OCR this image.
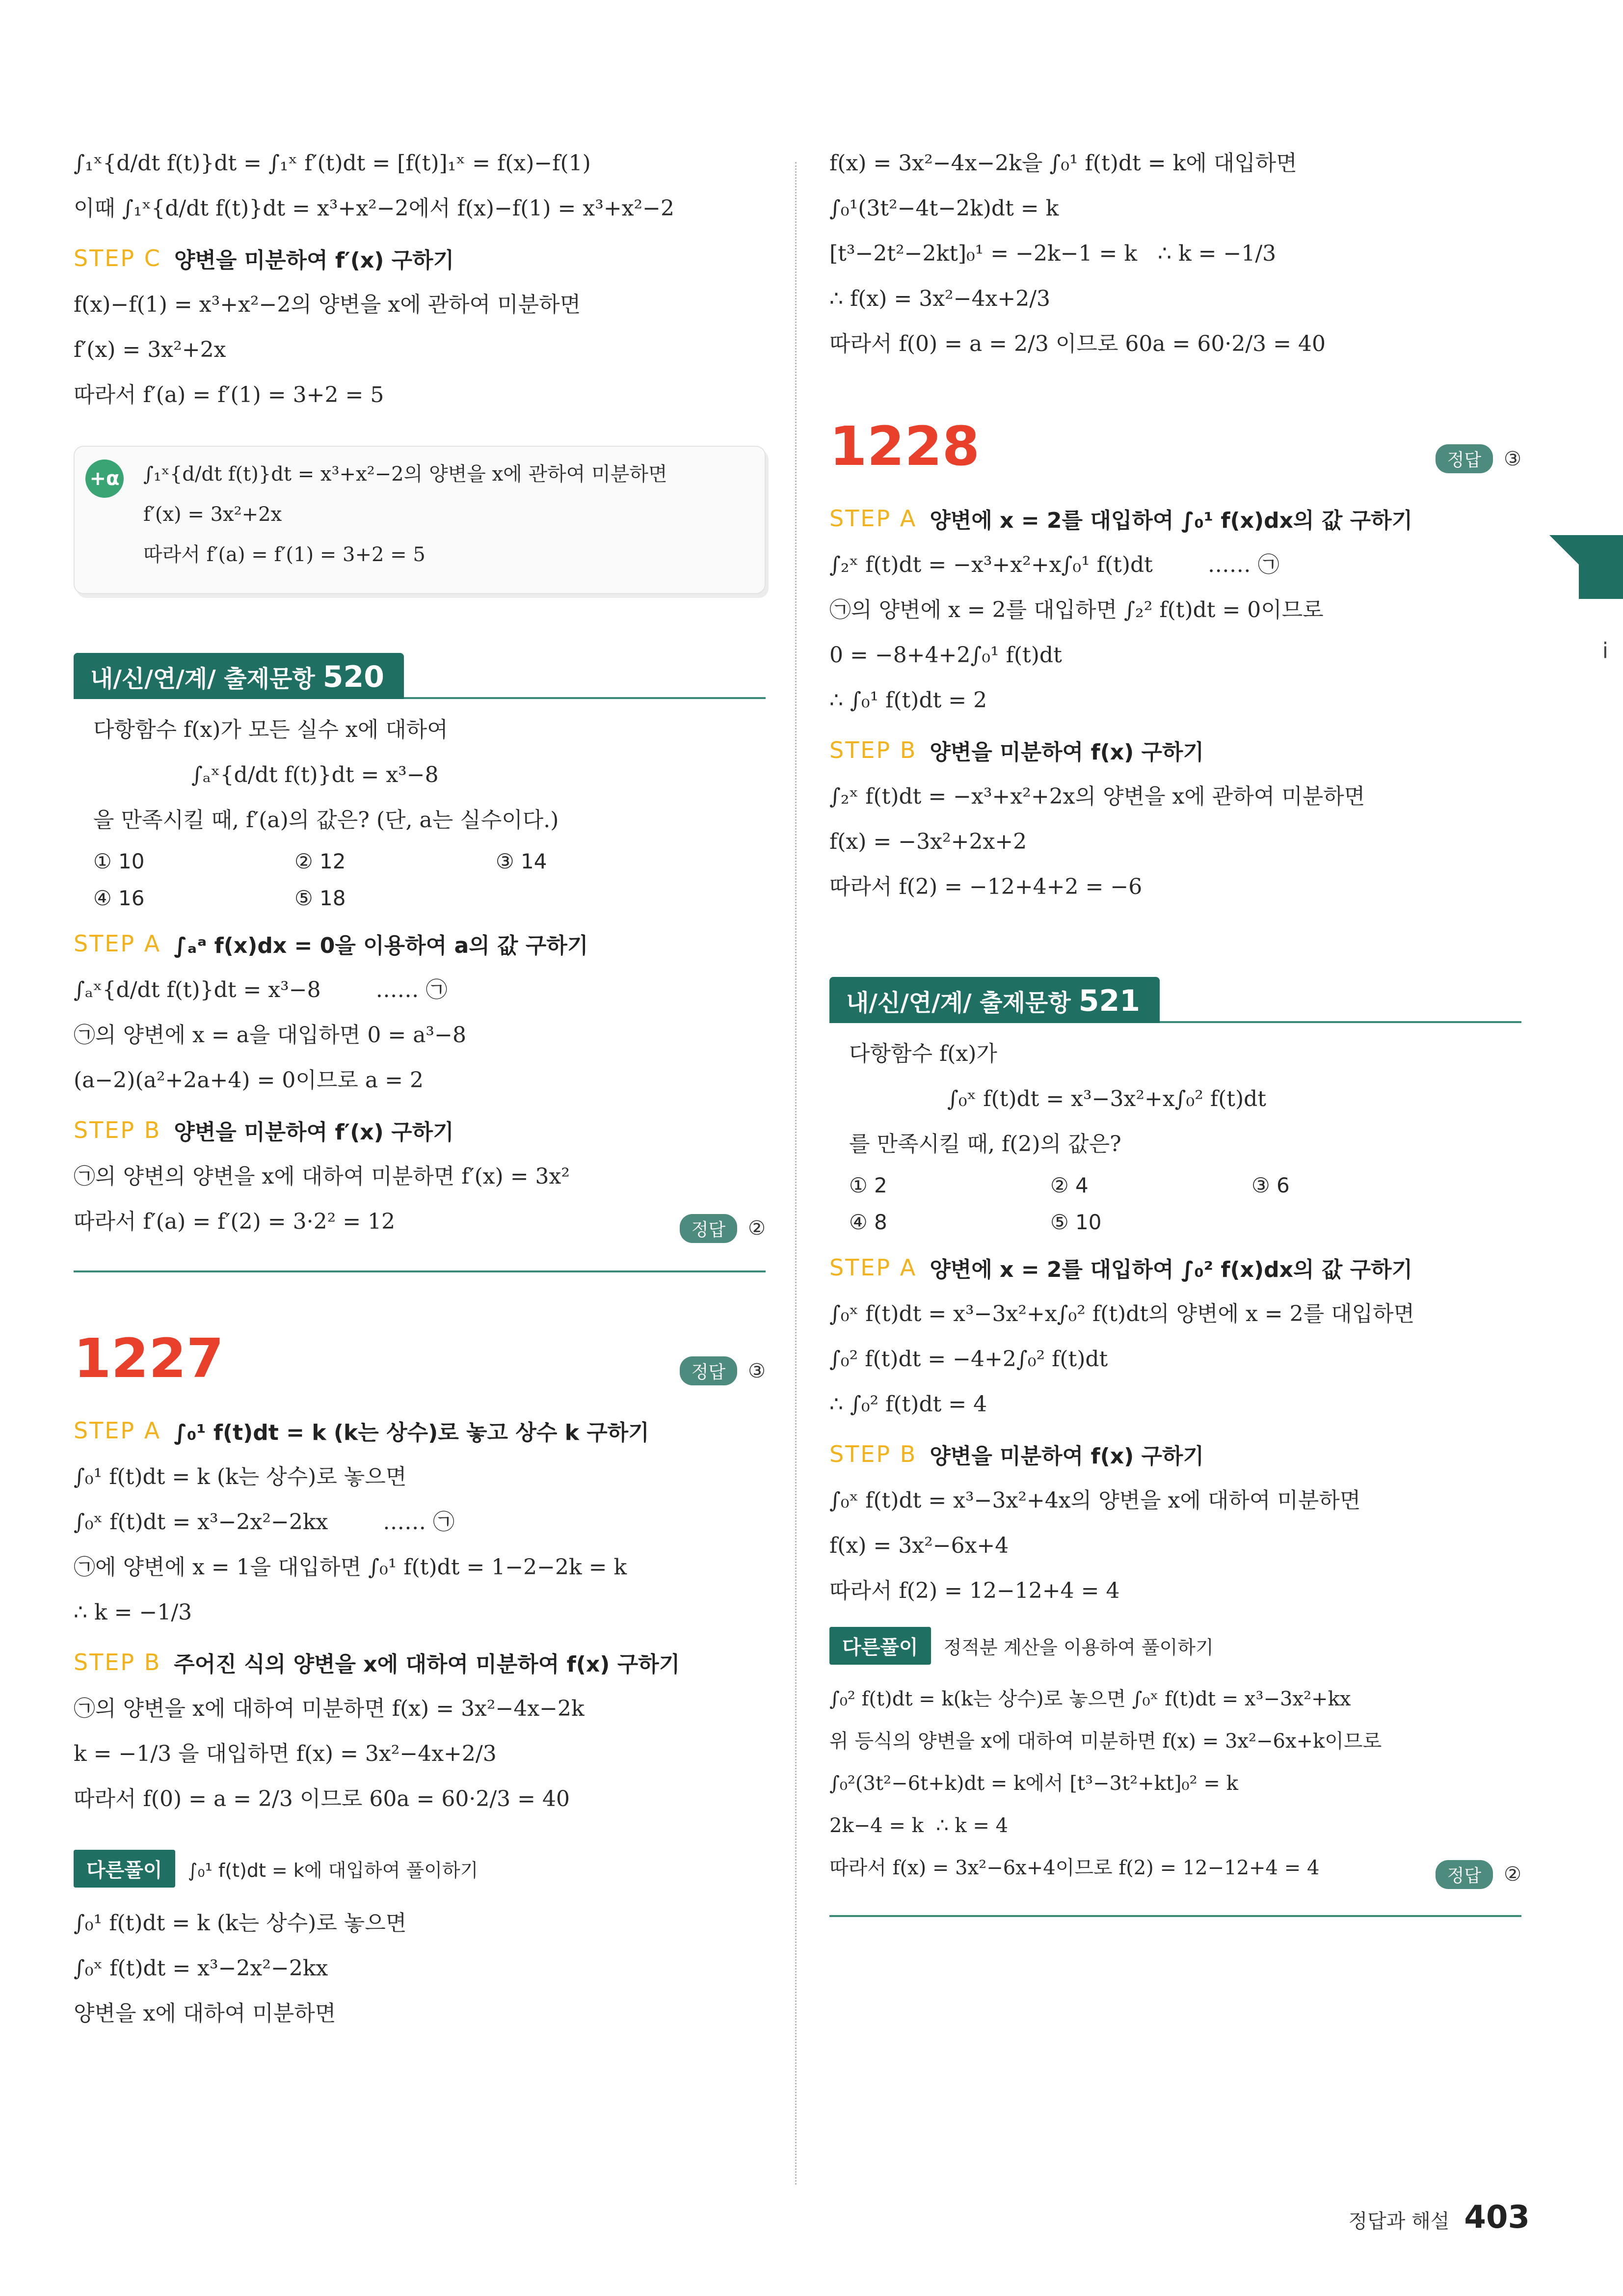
∫₁ˣ{d/dt f(t)}dt = ∫₁ˣ f′(t)dt = [f(t)]₁ˣ = f(x)−f(1)
이때 ∫₁ˣ{d/dt f(t)}dt = x³+x²−2에서 f(x)−f(1) = x³+x²−2
STEP C 양변을 미분하여 f′(x) 구하기
f(x)−f(1) = x³+x²−2의 양변을 x에 관하여 미분하면
f′(x) = 3x²+2x
따라서 f′(a) = f′(1) = 3+2 = 5
+α ∫₁ˣ{d/dt f(t)}dt = x³+x²−2의 양변을 x에 관하여 미분하면
f′(x) = 3x²+2x
따라서 f′(a) = f′(1) = 3+2 = 5
내/신/연/계/ 출제문항 520
다항함수 f(x)가 모든 실수 x에 대하여
∫ₐˣ{d/dt f(t)}dt = x³−8
을 만족시킬 때, f′(a)의 값은? (단, a는 실수이다.)
① 10	② 12	③ 14
④ 16	⑤ 18
STEP A ∫ₐᵃ f(x)dx = 0을 이용하여 a의 값 구하기
∫ₐˣ{d/dt f(t)}dt = x³−8        …… ㉠
㉠의 양변에 x = a을 대입하면 0 = a³−8
(a−2)(a²+2a+4) = 0이므로 a = 2
STEP B 양변을 미분하여 f′(x) 구하기
㉠의 양변의 양변을 x에 대하여 미분하면 f′(x) = 3x²
따라서 f′(a) = f′(2) = 3·2² = 12	정답	②
1227	정답	③
STEP A ∫₀¹ f(t)dt = k (k는 상수)로 놓고 상수 k 구하기
∫₀¹ f(t)dt = k (k는 상수)로 놓으면
∫₀ˣ f(t)dt = x³−2x²−2kx        …… ㉠
㉠에 양변에 x = 1을 대입하면 ∫₀¹ f(t)dt = 1−2−2k = k
∴ k = −1/3
STEP B 주어진 식의 양변을 x에 대하여 미분하여 f(x) 구하기
㉠의 양변을 x에 대하여 미분하면 f(x) = 3x²−4x−2k
k = −1/3 을 대입하면 f(x) = 3x²−4x+2/3
따라서 f(0) = a = 2/3 이므로 60a = 60·2/3 = 40
다른풀이	∫₀¹ f(t)dt = k에 대입하여 풀이하기
∫₀¹ f(t)dt = k (k는 상수)로 놓으면
∫₀ˣ f(t)dt = x³−2x²−2kx
양변을 x에 대하여 미분하면
f(x) = 3x²−4x−2k을 ∫₀¹ f(t)dt = k에 대입하면
∫₀¹(3t²−4t−2k)dt = k
[t³−2t²−2kt]₀¹ = −2k−1 = k   ∴ k = −1/3
∴ f(x) = 3x²−4x+2/3
따라서 f(0) = a = 2/3 이므로 60a = 60·2/3 = 40
1228	정답	③
STEP A 양변에 x = 2를 대입하여 ∫₀¹ f(x)dx의 값 구하기
∫₂ˣ f(t)dt = −x³+x²+x∫₀¹ f(t)dt        …… ㉠
㉠의 양변에 x = 2를 대입하면 ∫₂² f(t)dt = 0이므로
0 = −8+4+2∫₀¹ f(t)dt
∴ ∫₀¹ f(t)dt = 2
STEP B 양변을 미분하여 f(x) 구하기
∫₂ˣ f(t)dt = −x³+x²+2x의 양변을 x에 관하여 미분하면
f(x) = −3x²+2x+2
따라서 f(2) = −12+4+2 = −6
내/신/연/계/ 출제문항 521
다항함수 f(x)가
∫₀ˣ f(t)dt = x³−3x²+x∫₀² f(t)dt
를 만족시킬 때, f(2)의 값은?
① 2	② 4	③ 6
④ 8	⑤ 10
STEP A 양변에 x = 2를 대입하여 ∫₀² f(x)dx의 값 구하기
∫₀ˣ f(t)dt = x³−3x²+x∫₀² f(t)dt의 양변에 x = 2를 대입하면
∫₀² f(t)dt = −4+2∫₀² f(t)dt
∴ ∫₀² f(t)dt = 4
STEP B 양변을 미분하여 f(x) 구하기
∫₀ˣ f(t)dt = x³−3x²+4x의 양변을 x에 대하여 미분하면
f(x) = 3x²−6x+4
따라서 f(2) = 12−12+4 = 4
다른풀이	정적분 계산을 이용하여 풀이하기
∫₀² f(t)dt = k(k는 상수)로 놓으면 ∫₀ˣ f(t)dt = x³−3x²+kx
위 등식의 양변을 x에 대하여 미분하면 f(x) = 3x²−6x+k이므로
∫₀²(3t²−6t+k)dt = k에서 [t³−3t²+kt]₀² = k
2k−4 = k  ∴ k = 4
따라서 f(x) = 3x²−6x+4이므로 f(2) = 12−12+4 = 4	정답	②
i
정답과 해설 403
